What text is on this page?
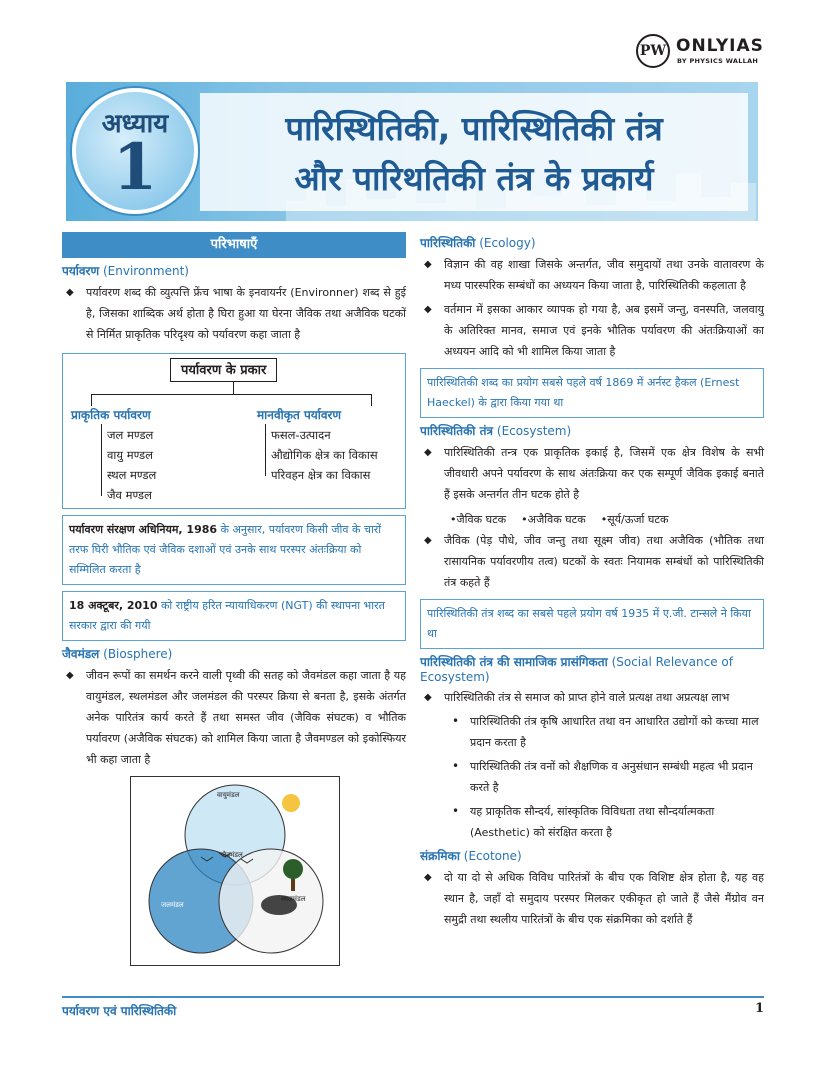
PW ONLYIAS
BY PHYSICS WALLAH
अध्याय
1
पारिस्थितिकी, पारिस्थितिकी तंत्र
और पारिथतिकी तंत्र के प्रकार्य
परिभाषाएँ
पर्यावरण (Environment)
◆ पर्यावरण शब्द की व्युत्पत्ति फ्रेंच भाषा के इनवायर्नर (Environner) शब्द से हुई है, जिसका शाब्दिक अर्थ होता है घिरा हुआ या घेरना जैविक तथा अजैविक घटकों से निर्मित प्राकृतिक परिदृश्य को पर्यावरण कहा जाता है
पर्यावरण के प्रकार
प्राकृतिक पर्यावरण
जल मण्डल
वायु मण्डल
स्थल मण्डल
जैव मण्डल
मानवीकृत पर्यावरण
फसल-उत्पादन
औद्योगिक क्षेत्र का विकास
परिवहन क्षेत्र का विकास
पर्यावरण संरक्षण अधिनियम, 1986 के अनुसार, पर्यावरण किसी जीव के चारों तरफ घिरी भौतिक एवं जैविक दशाओं एवं उनके साथ परस्पर अंतःक्रिया को सम्मिलित करता है
18 अक्टूबर, 2010 को राष्ट्रीय हरित न्यायाधिकरण (NGT) की स्थापना भारत सरकार द्वारा की गयी
जैवमंडल (Biosphere)
◆ जीवन रूपों का समर्थन करने वाली पृथ्वी की सतह को जैवमंडल कहा जाता है यह वायुमंडल, स्थलमंडल और जलमंडल की परस्पर क्रिया से बनता है, इसके अंतर्गत अनेक पारितंत्र कार्य करते हैं तथा समस्त जीव (जैविक संघटक) व भौतिक पर्यावरण (अजैविक संघटक) को शामिल किया जाता है जैवमण्डल को इकोस्फियर भी कहा जाता है
वायुमंडल
जैवमंडल
जलमंडल
स्थलमंडल
पारिस्थितिकी (Ecology)
◆ विज्ञान की वह शाखा जिसके अन्तर्गत, जीव समुदायों तथा उनके वातावरण के मध्य पारस्परिक सम्बंधों का अध्ययन किया जाता है, पारिस्थितिकी कहलाता है
◆ वर्तमान में इसका आकार व्यापक हो गया है, अब इसमें जन्तु, वनस्पति, जलवायु के अतिरिक्त मानव, समाज एवं इनके भौतिक पर्यावरण की अंतःक्रियाओं का अध्ययन आदि को भी शामिल किया जाता है
पारिस्थितिकी शब्द का प्रयोग सबसे पहले वर्ष 1869 में अर्नस्ट हैकल (Ernest Haeckel) के द्वारा किया गया था
पारिस्थितिकी तंत्र (Ecosystem)
◆ पारिस्थितिकी तन्त्र एक प्राकृतिक इकाई है, जिसमें एक क्षेत्र विशेष के सभी जीवधारी अपने पर्यावरण के साथ अंतःक्रिया कर एक सम्पूर्ण जैविक इकाई बनाते हैं इसके अन्तर्गत तीन घटक होते है
• जैविक घटक • अजैविक घटक • सूर्य/ऊर्जा घटक
◆ जैविक (पेड़ पौधे, जीव जन्तु तथा सूक्ष्म जीव) तथा अजैविक (भौतिक तथा रासायनिक पर्यावरणीय तत्व) घटकों के स्वतः नियामक सम्बंधों को पारिस्थितिकी तंत्र कहते हैं
पारिस्थितिकी तंत्र शब्द का सबसे पहले प्रयोग वर्ष 1935 में ए.जी. टान्सले ने किया था
पारिस्थितिकी तंत्र की सामाजिक प्रासंगिकता (Social Relevance of Ecosystem)
◆ पारिस्थितिकी तंत्र से समाज को प्राप्त होने वाले प्रत्यक्ष तथा अप्रत्यक्ष लाभ
• पारिस्थितिकी तंत्र कृषि आधारित तथा वन आधारित उद्योगों को कच्चा माल प्रदान करता है
• पारिस्थितिकी तंत्र वनों को शैक्षणिक व अनुसंधान सम्बंधी महत्व भी प्रदान करते है
• यह प्राकृतिक सौन्दर्य, सांस्कृतिक विविधता तथा सौन्दर्यात्मकता (Aesthetic) को संरक्षित करता है
संक्रमिका (Ecotone)
◆ दो या दो से अधिक विविध पारितंत्रों के बीच एक विशिष्ट क्षेत्र होता है, यह वह स्थान है, जहाँ दो समुदाय परस्पर मिलकर एकीकृत हो जाते हैं जैसे मैंग्रोव वन समुद्री तथा स्थलीय पारितंत्रों के बीच एक संक्रमिका को दर्शाते हैं
पर्यावरण एवं पारिस्थितिकी	1
